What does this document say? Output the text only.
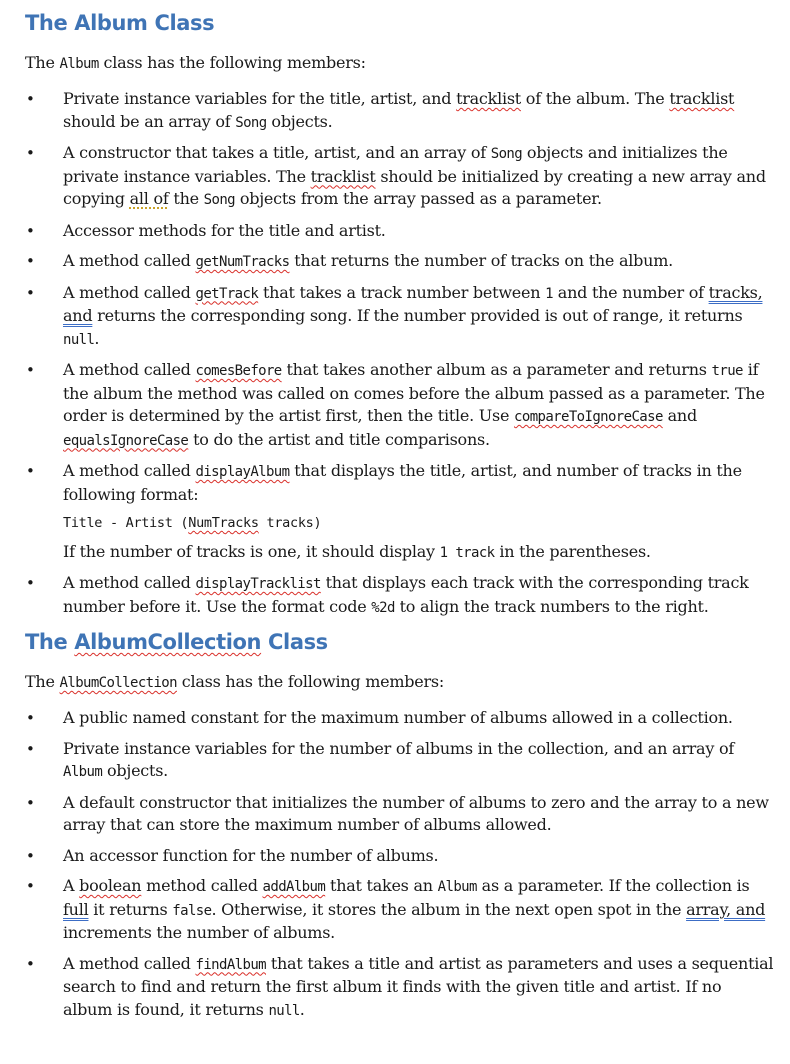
The Album Class

The Album class has the following members:

• Private instance variables for the title, artist, and tracklist of the album. The tracklist should be an array of Song objects.
• A constructor that takes a title, artist, and an array of Song objects and initializes the private instance variables. The tracklist should be initialized by creating a new array and copying all of the Song objects from the array passed as a parameter.
• Accessor methods for the title and artist.
• A method called getNumTracks that returns the number of tracks on the album.
• A method called getTrack that takes a track number between 1 and the number of tracks, and returns the corresponding song. If the number provided is out of range, it returns null.
• A method called comesBefore that takes another album as a parameter and returns true if the album the method was called on comes before the album passed as a parameter. The order is determined by the artist first, then the title. Use compareToIgnoreCase and equalsIgnoreCase to do the artist and title comparisons.
• A method called displayAlbum that displays the title, artist, and number of tracks in the following format:
Title - Artist (NumTracks tracks)
If the number of tracks is one, it should display 1 track in the parentheses.
• A method called displayTracklist that displays each track with the corresponding track number before it. Use the format code %2d to align the track numbers to the right.
The AlbumCollection Class

The AlbumCollection class has the following members:

• A public named constant for the maximum number of albums allowed in a collection.
• Private instance variables for the number of albums in the collection, and an array of Album objects.
• A default constructor that initializes the number of albums to zero and the array to a new array that can store the maximum number of albums allowed.
• An accessor function for the number of albums.
• A boolean method called addAlbum that takes an Album as a parameter. If the collection is full it returns false. Otherwise, it stores the album in the next open spot in the array, and increments the number of albums.
• A method called findAlbum that takes a title and artist as parameters and uses a sequential search to find and return the first album it finds with the given title and artist. If no album is found, it returns null.
